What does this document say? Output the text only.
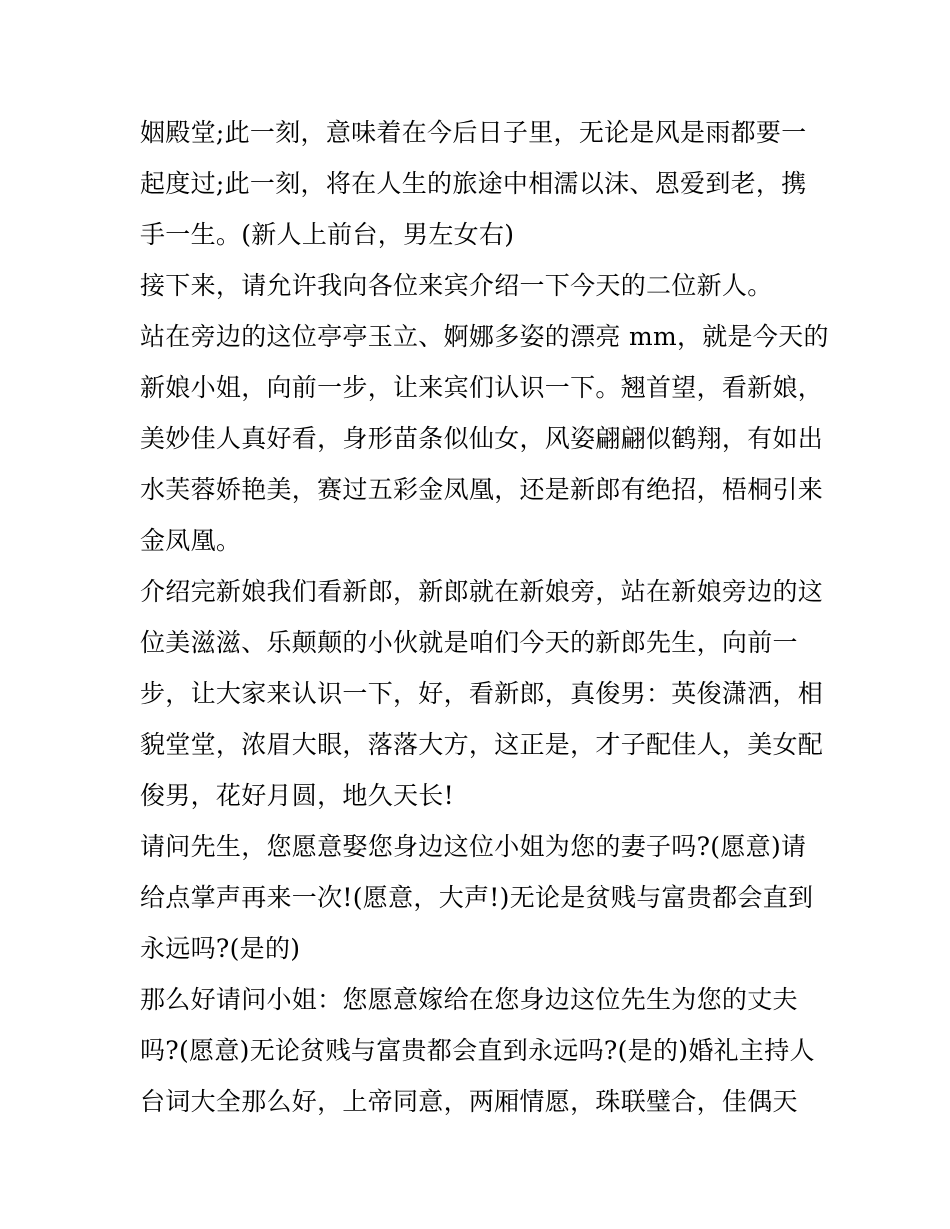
姻殿堂;此一刻，意味着在今后日子里，无论是风是雨都要一
起度过;此一刻，将在人生的旅途中相濡以沫、恩爱到老，携
手一生。(新人上前台，男左女右)
接下来，请允许我向各位来宾介绍一下今天的二位新人。
站在旁边的这位亭亭玉立、婀娜多姿的漂亮 mm，就是今天的
新娘小姐，向前一步，让来宾们认识一下。翘首望，看新娘，
美妙佳人真好看，身形苗条似仙女，风姿翩翩似鹤翔，有如出
水芙蓉娇艳美，赛过五彩金凤凰，还是新郎有绝招，梧桐引来
金凤凰。
介绍完新娘我们看新郎，新郎就在新娘旁，站在新娘旁边的这
位美滋滋、乐颠颠的小伙就是咱们今天的新郎先生，向前一
步，让大家来认识一下，好，看新郎，真俊男：英俊潇洒，相
貌堂堂，浓眉大眼，落落大方，这正是，才子配佳人，美女配
俊男，花好月圆，地久天长!
请问先生，您愿意娶您身边这位小姐为您的妻子吗?(愿意)请
给点掌声再来一次!(愿意，大声!)无论是贫贱与富贵都会直到
永远吗?(是的)
那么好请问小姐：您愿意嫁给在您身边这位先生为您的丈夫
吗?(愿意)无论贫贱与富贵都会直到永远吗?(是的)婚礼主持人
台词大全那么好，上帝同意，两厢情愿，珠联璧合，佳偶天
